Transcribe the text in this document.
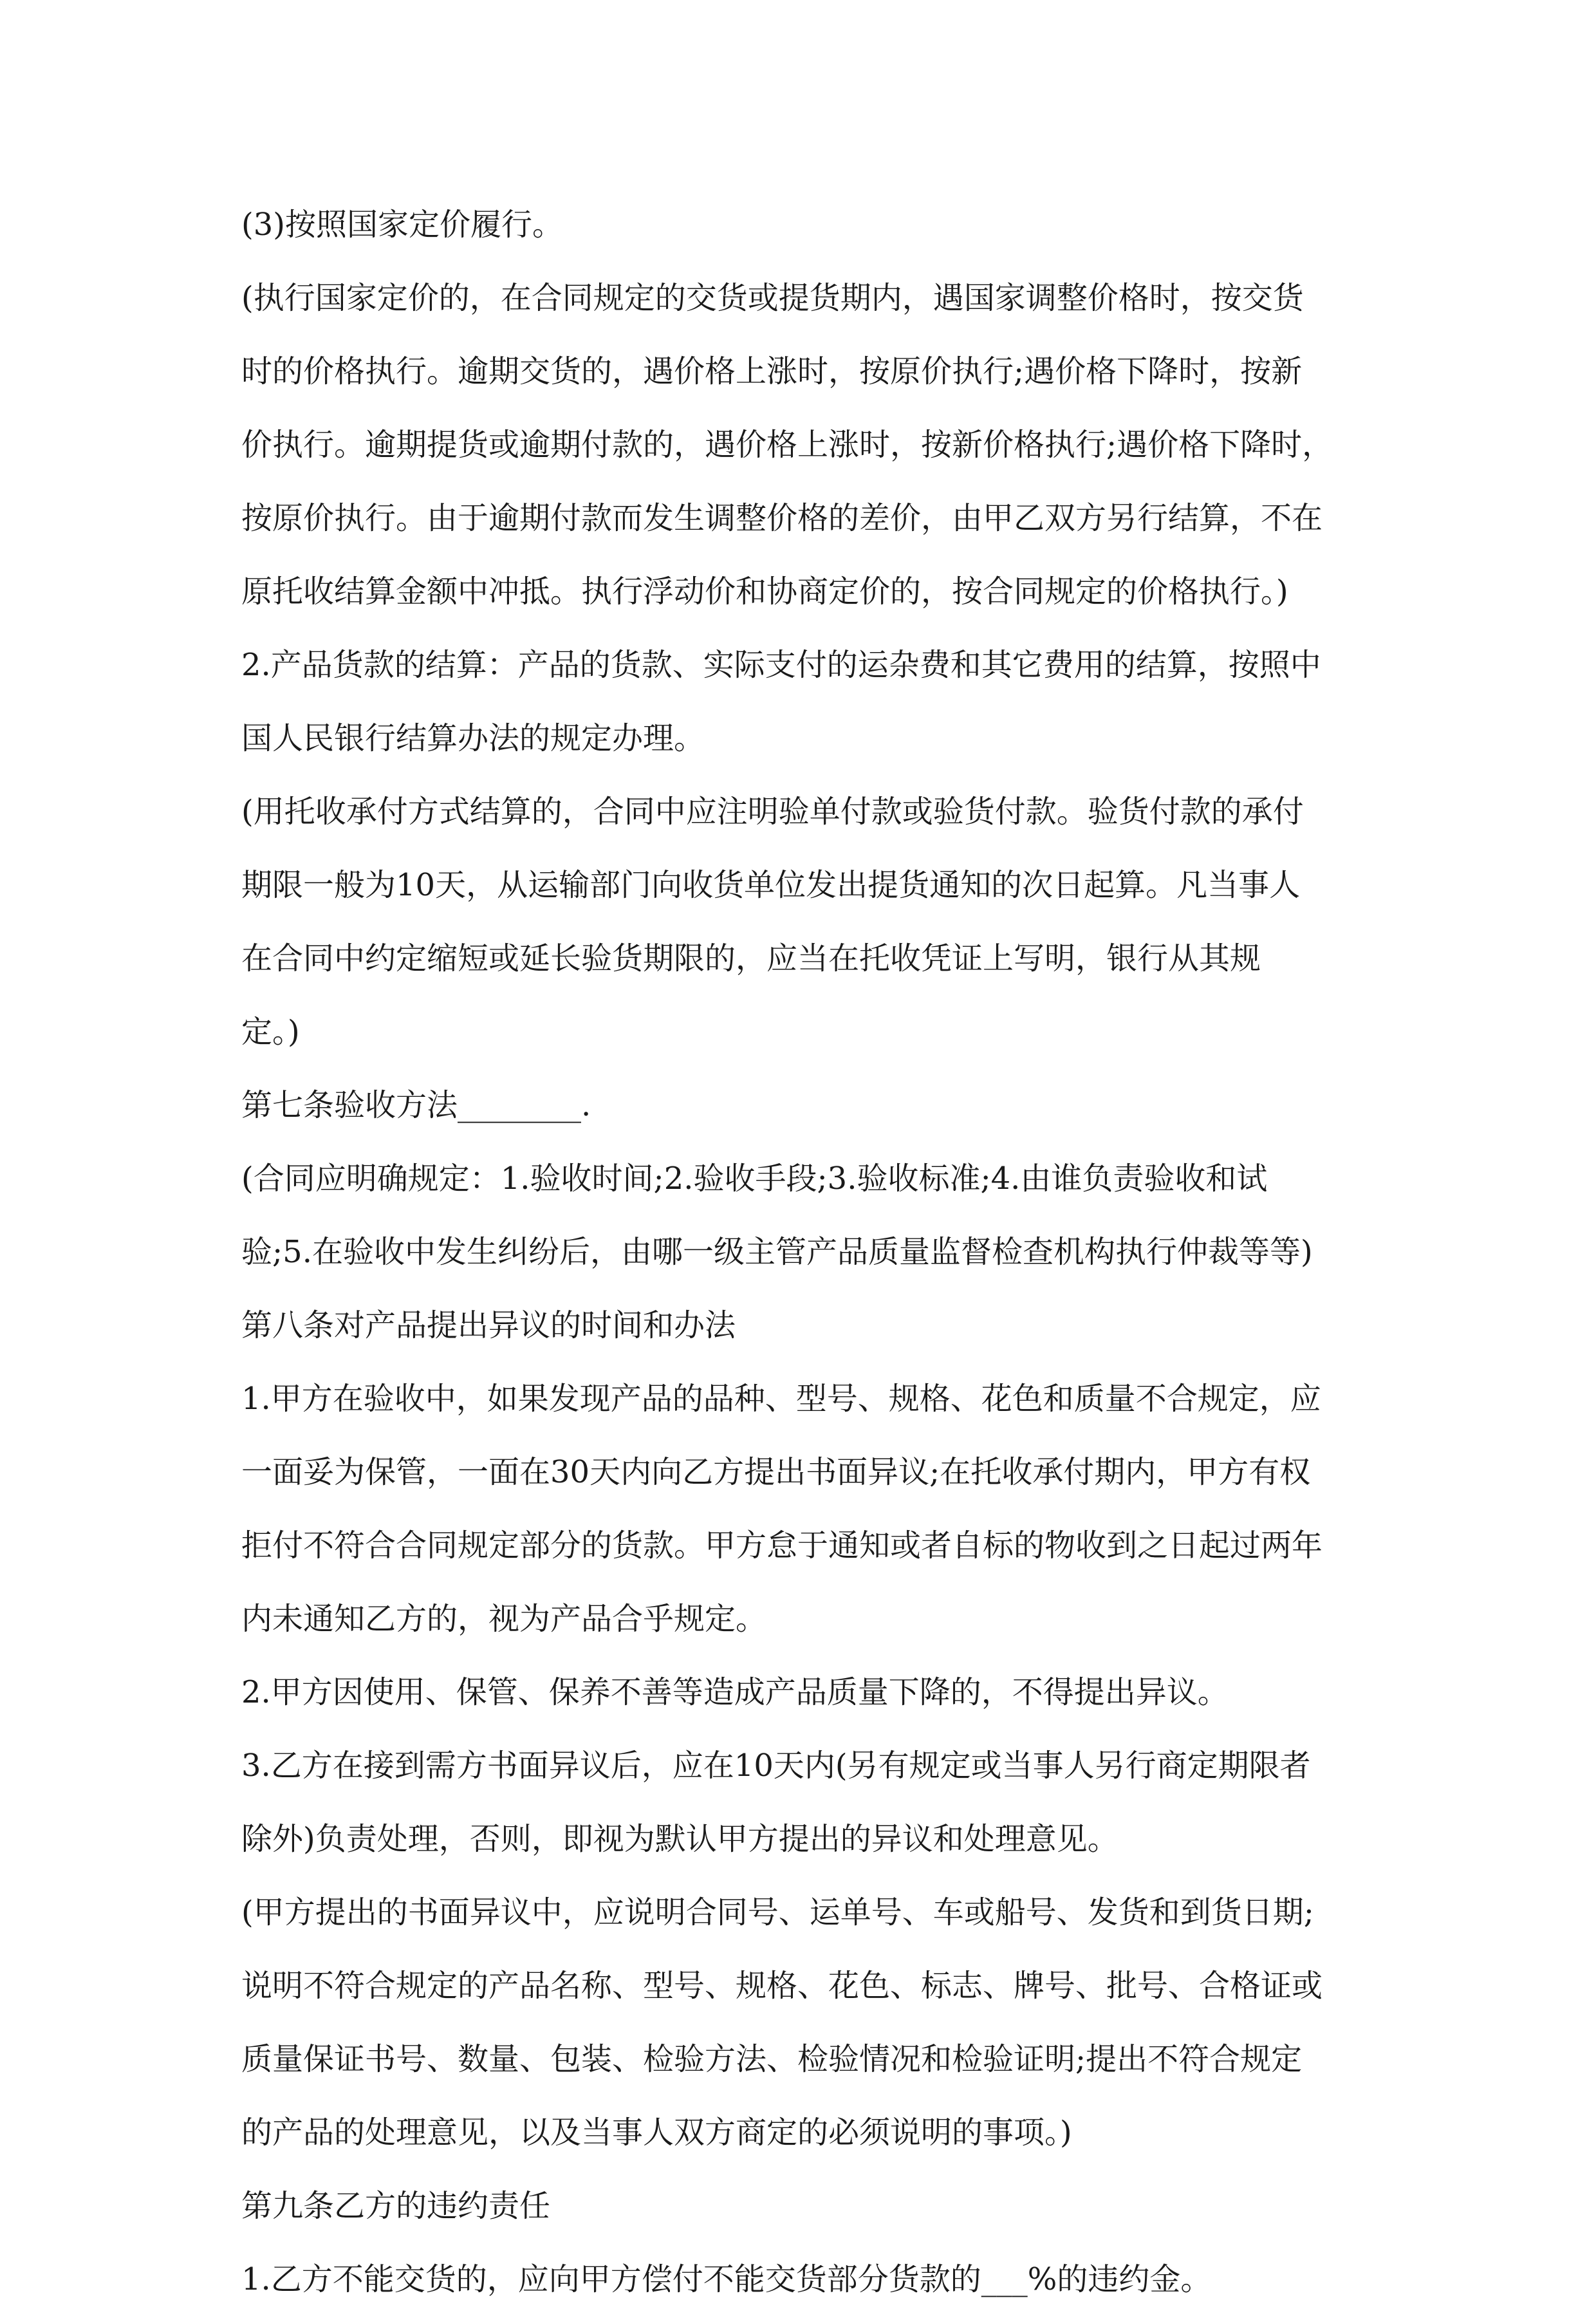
(3)按照国家定价履行。
(执行国家定价的，在合同规定的交货或提货期内，遇国家调整价格时，按交货
时的价格执行。逾期交货的，遇价格上涨时，按原价执行;遇价格下降时，按新
价执行。逾期提货或逾期付款的，遇价格上涨时，按新价格执行;遇价格下降时，
按原价执行。由于逾期付款而发生调整价格的差价，由甲乙双方另行结算，不在
原托收结算金额中冲抵。执行浮动价和协商定价的，按合同规定的价格执行。)
2.产品货款的结算：产品的货款、实际支付的运杂费和其它费用的结算，按照中
国人民银行结算办法的规定办理。
(用托收承付方式结算的，合同中应注明验单付款或验货付款。验货付款的承付
期限一般为10天，从运输部门向收货单位发出提货通知的次日起算。凡当事人
在合同中约定缩短或延长验货期限的，应当在托收凭证上写明，银行从其规
定。)
第七条验收方法________.
(合同应明确规定：1.验收时间;2.验收手段;3.验收标准;4.由谁负责验收和试
验;5.在验收中发生纠纷后，由哪一级主管产品质量监督检查机构执行仲裁等等)
第八条对产品提出异议的时间和办法
1.甲方在验收中，如果发现产品的品种、型号、规格、花色和质量不合规定，应
一面妥为保管，一面在30天内向乙方提出书面异议;在托收承付期内，甲方有权
拒付不符合合同规定部分的货款。甲方怠于通知或者自标的物收到之日起过两年
内未通知乙方的，视为产品合乎规定。
2.甲方因使用、保管、保养不善等造成产品质量下降的，不得提出异议。
3.乙方在接到需方书面异议后，应在10天内(另有规定或当事人另行商定期限者
除外)负责处理，否则，即视为默认甲方提出的异议和处理意见。
(甲方提出的书面异议中，应说明合同号、运单号、车或船号、发货和到货日期;
说明不符合规定的产品名称、型号、规格、花色、标志、牌号、批号、合格证或
质量保证书号、数量、包装、检验方法、检验情况和检验证明;提出不符合规定
的产品的处理意见，以及当事人双方商定的必须说明的事项。)
第九条乙方的违约责任
1.乙方不能交货的，应向甲方偿付不能交货部分货款的___%的违约金。
